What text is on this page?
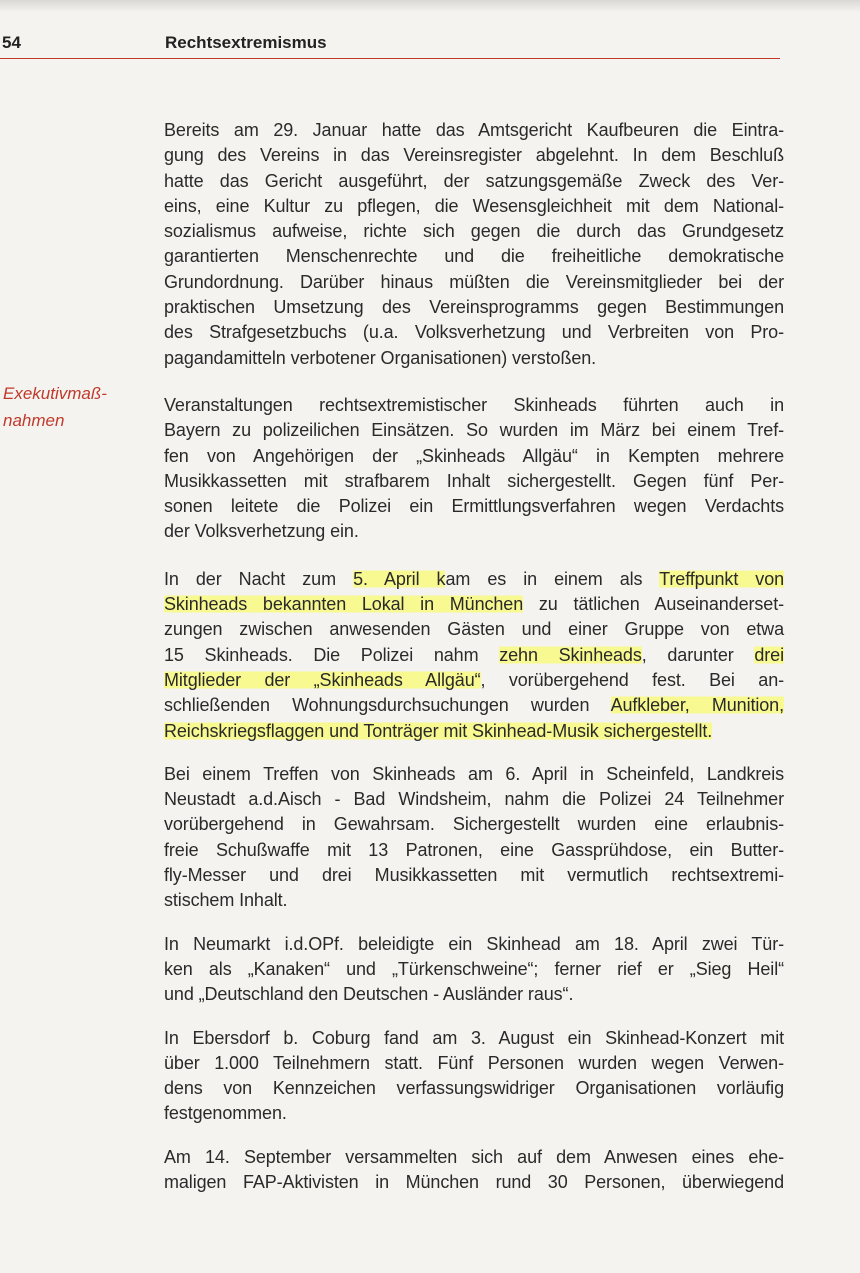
54	Rechtsextremismus
Exekutivmaß-
nahmen
Bereits am 29. Januar hatte das Amtsgericht Kaufbeuren die Eintra-
gung des Vereins in das Vereinsregister abgelehnt. In dem Beschluß
hatte das Gericht ausgeführt, der satzungsgemäße Zweck des Ver-
eins, eine Kultur zu pflegen, die Wesensgleichheit mit dem National-
sozialismus aufweise, richte sich gegen die durch das Grundgesetz
garantierten Menschenrechte und die freiheitliche demokratische
Grundordnung. Darüber hinaus müßten die Vereinsmitglieder bei der
praktischen Umsetzung des Vereinsprogramms gegen Bestimmungen
des Strafgesetzbuchs (u.a. Volksverhetzung und Verbreiten von Pro-
pagandamitteln verbotener Organisationen) verstoßen.
Veranstaltungen rechtsextremistischer Skinheads führten auch in
Bayern zu polizeilichen Einsätzen. So wurden im März bei einem Tref-
fen von Angehörigen der „Skinheads Allgäu“ in Kempten mehrere
Musikkassetten mit strafbarem Inhalt sichergestellt. Gegen fünf Per-
sonen leitete die Polizei ein Ermittlungsverfahren wegen Verdachts
der Volksverhetzung ein.
In der Nacht zum 5. April kam es in einem als Treffpunkt von
Skinheads bekannten Lokal in München zu tätlichen Auseinanderset-
zungen zwischen anwesenden Gästen und einer Gruppe von etwa
15 Skinheads. Die Polizei nahm zehn Skinheads, darunter drei
Mitglieder der „Skinheads Allgäu“, vorübergehend fest. Bei an-
schließenden Wohnungsdurchsuchungen wurden Aufkleber, Munition,
Reichskriegsflaggen und Tonträger mit Skinhead-Musik sichergestellt.
Bei einem Treffen von Skinheads am 6. April in Scheinfeld, Landkreis
Neustadt a.d.Aisch - Bad Windsheim, nahm die Polizei 24 Teilnehmer
vorübergehend in Gewahrsam. Sichergestellt wurden eine erlaubnis-
freie Schußwaffe mit 13 Patronen, eine Gassprühdose, ein Butter-
fly-Messer und drei Musikkassetten mit vermutlich rechtsextremi-
stischem Inhalt.
In Neumarkt i.d.OPf. beleidigte ein Skinhead am 18. April zwei Tür-
ken als „Kanaken“ und „Türkenschweine“; ferner rief er „Sieg Heil“
und „Deutschland den Deutschen - Ausländer raus“.
In Ebersdorf b. Coburg fand am 3. August ein Skinhead-Konzert mit
über 1.000 Teilnehmern statt. Fünf Personen wurden wegen Verwen-
dens von Kennzeichen verfassungswidriger Organisationen vorläufig
festgenommen.
Am 14. September versammelten sich auf dem Anwesen eines ehe-
maligen FAP-Aktivisten in München rund 30 Personen, überwiegend
